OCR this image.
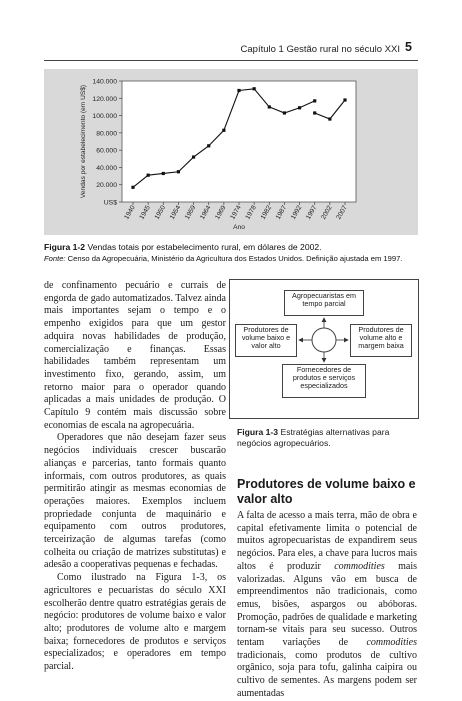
Capítulo 1 Gestão rural no século XXI 5
US$
20.000
40.000
60.000
80.000
100.000
120.000
140.000
1940 1945 1950 1954 1959 1964 1969 1974 1978 1982 1987 1992 1997 2002 2007
Vendas por estabelecimento (em US$)
Ano
Figura 1-2 Vendas totais por estabelecimento rural, em dólares de 2002.
Fonte: Censo da Agropecuária, Ministério da Agricultura dos Estados Unidos. Definição ajustada em 1997.

de confinamento pecuário e currais de engorda de gado automatizados. Talvez ainda mais importantes sejam o tempo e o empenho exigidos para que um gestor adquira novas habilidades de produção, comercialização e finanças. Essas habilidades também representam um investimento fixo, gerando, assim, um retorno maior para o operador quando aplicadas a mais unidades de produção. O Capítulo 9 contém mais discussão sobre economias de escala na agropecuária.

Operadores que não desejam fazer seus negócios individuais crescer buscarão alianças e parcerias, tanto formais quanto informais, com outros produtores, as quais permitirão atingir as mesmas economias de operações maiores. Exemplos incluem propriedade conjunta de maquinário e equipamento com outros produtores, terceirização de algumas tarefas (como colheita ou criação de matrizes substitutas) e adesão a cooperativas pequenas e fechadas.

Como ilustrado na Figura 1-3, os agricultores e pecuaristas do século XXI escolherão dentre quatro estratégias gerais de negócio: produtores de volume baixo e valor alto; produtores de volume alto e margem baixa; fornecedores de produtos e serviços especializados; e operadores em tempo parcial.

Agropecuaristas em tempo parcial
Produtores de volume baixo e valor alto
Produtores de volume alto e margem baixa
Fornecedores de produtos e serviços especializados
Figura 1-3 Estratégias alternativas para negócios agropecuários.
Produtores de volume baixo e valor alto

A falta de acesso a mais terra, mão de obra e capital efetivamente limita o potencial de muitos agropecuaristas de expandirem seus negócios. Para eles, a chave para lucros mais altos é produzir commodities mais valorizadas. Alguns vão em busca de empreendimentos não tradicionais, como emus, bisões, aspargos ou abóboras. Promoção, padrões de qualidade e marketing tornam-se vitais para seu sucesso. Outros tentam variações de commodities tradicionais, como produtos de cultivo orgânico, soja para tofu, galinha caipira ou cultivo de sementes. As margens podem ser aumentadas
